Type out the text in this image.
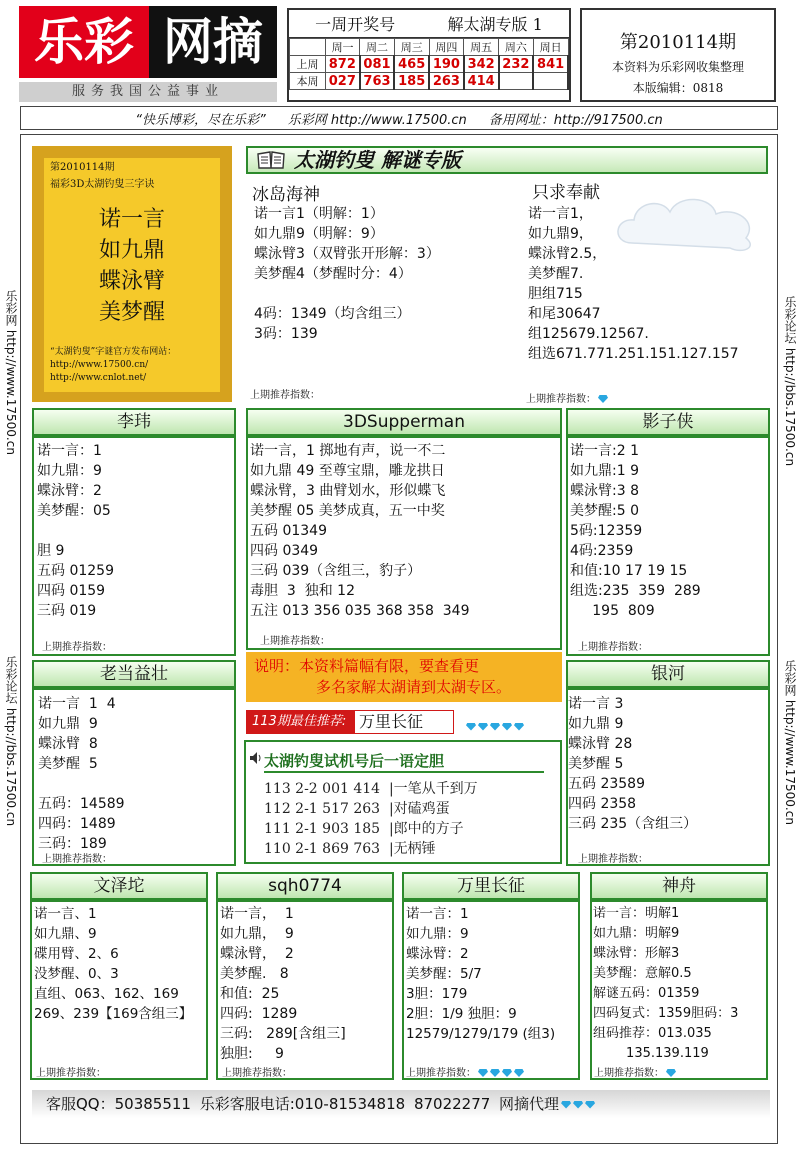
乐彩 网摘
服务我国公益事业
一周开奖号	解太湖专版 1
	周一	周二	周三	周四	周五	周六	周日
上周	872	081	465	190	342	232	841
本周	027	763	185	263	414		
第2010114期
本资料为乐彩网收集整理
本版编辑：0818
“快乐博彩，尽在乐彩” 乐彩网 http://www.17500.cn 备用网址：http://917500.cn
乐彩网 http://www.17500.cn
乐彩论坛 http://bbs.17500.cn
乐彩论坛 http://bbs.17500.cn
乐彩网 http://www.17500.cn
第2010114期
福彩3D太湖钓叟三字诀
诺一言
如九鼎
蝶泳臂
美梦醒
“太湖钓叟”字谜官方发布网站：
http://www.17500.cn/
http://www.cnlot.net/
太湖钓叟 解谜专版
冰岛海神
诺一言1（明解：1）
如九鼎9（明解：9）
蝶泳臂3（双臂张开形解：3）
美梦醒4（梦醒时分：4）

4码：1349（均含组三）
3码：139
上期推荐指数：
只求奉献
诺一言1，
如九鼎9，
蝶泳臂2.5，
美梦醒7.
胆组715
和尾30647
组125679.12567.
组选671.771.251.151.127.157
上期推荐指数：
李玮
诺一言：1
如九鼎：9
蝶泳臂：2
美梦醒：05

胆 9
五码 01259
四码 0159
三码 019
上期推荐指数：
3DSupperman
诺一言，1 掷地有声，说一不二
如九鼎 49 至尊宝鼎，雕龙拱日
蝶泳臂，3 曲臂划水，形似蝶飞
美梦醒 05 美梦成真，五一中奖
五码 01349
四码 0349
三码 039（含组三，豹子）
毒胆  3  独和 12
五注 013 356 035 368 358  349
上期推荐指数：
影子侠
诺一言:2 1
如九鼎:1 9
蝶泳臂:3 8
美梦醒:5 0
5码:12359
4码:2359
和值:10 17 19 15
组选:235  359  289
195  809
上期推荐指数：
老当益壮
诺一言  1  4
如九鼎  9
蝶泳臂  8
美梦醒  5

五码：14589
四码：1489
三码：189
上期推荐指数：
说明：本资料篇幅有限，要查看更
多名家解太湖请到太湖专区。
113期最佳推荐: 万里长征
太湖钓叟试机号后一语定胆
113 2-2 001 414  |一笔从千到万
112 2-1 517 263  |对磕鸡蛋
111 2-1 903 185  |郎中的方子
110 2-1 869 763  |无柄锤
银河
诺一言 3
如九鼎 9
蝶泳臂 28
美梦醒 5
五码 23589
四码 2358
三码 235（含组三）
上期推荐指数：
文泽坨
诺一言、1
如九鼎、9
碟用臂、2、6
没梦醒、0、3
直组、063、162、169
269、239【169含组三】
上期推荐指数：
sqh0774
诺一言，  1
如九鼎，  9
蝶泳臂，  2
美梦醒.   8
和值:  25
四码:  1289
三码:   289[含组三]
独胆:     9
上期推荐指数：
万里长征
诺一言：1
如九鼎：9
蝶泳臂：2
美梦醒：5/7
3胆：179
2胆：1/9 独胆：9
12579/1279/179 (组3)
上期推荐指数：
神舟
诺一言：明解1
如九鼎：明解9
蝶泳臂：形解3
美梦醒：意解0.5
解谜五码：01359
四码复式：1359胆码：3
组码推荐：013.035
135.139.119
上期推荐指数：
客服QQ：50385511 乐彩客服电话:010-81534818 87022277 网摘代理
